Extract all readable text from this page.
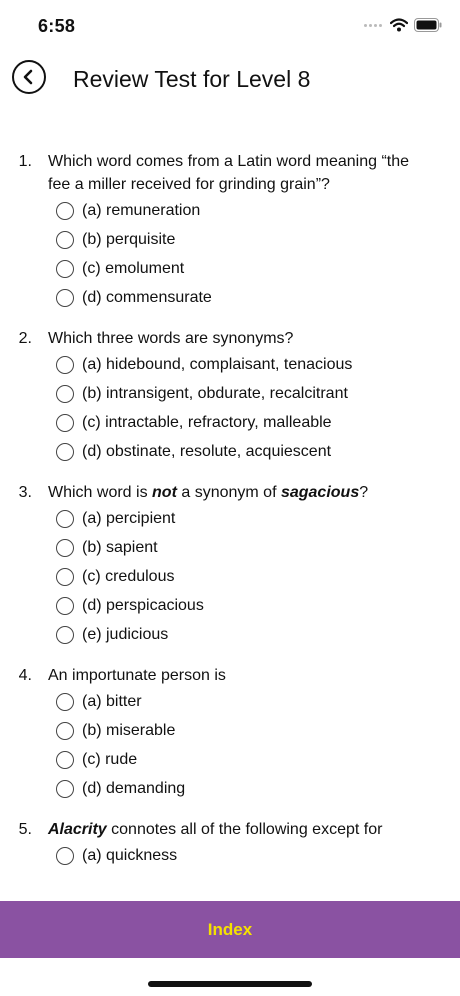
6:58
Review Test for Level 8
1. Which word comes from a Latin word meaning “the fee a miller received for grinding grain”?
(a) remuneration
(b) perquisite
(c) emolument
(d) commensurate
2. Which three words are synonyms?
(a) hidebound, complaisant, tenacious
(b) intransigent, obdurate, recalcitrant
(c) intractable, refractory, malleable
(d) obstinate, resolute, acquiescent
3. Which word is not a synonym of sagacious?
(a) percipient
(b) sapient
(c) credulous
(d) perspicacious
(e) judicious
4. An importunate person is
(a) bitter
(b) miserable
(c) rude
(d) demanding
5. Alacrity connotes all of the following except for
(a) quickness
Index
